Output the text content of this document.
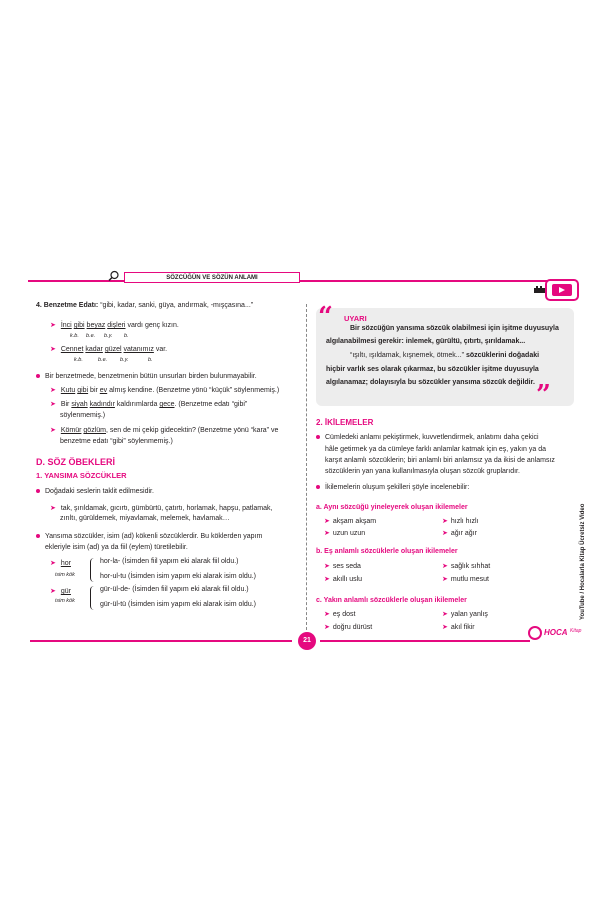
SÖZCÜĞÜN VE SÖZÜN ANLAMI
4. Benzetme Edatı: “gibi, kadar, sanki, güya, andırmak, -mışçasına...”
➤ İnci gibi beyaz dişleri vardı genç kızın.
k.b. b.e. b.y. b.
➤ Cennet kadar güzel vatanımız var.
k.b.	b.e. b.y.	b.
Bir benzetmede, benzetmenin bütün unsurları birden bulunmayabilir.
➤ Kutu gibi bir ev almış kendine. (Benzetme yönü “küçük” söylenmemiş.)
➤ Bir siyah kadındır kaldırımlarda gece. (Benzetme edatı “gibi”
söylenmemiş.)
➤ Kömür gözlüm, sen de mi çekip gidecektin? (Benzetme yönü “kara” ve
benzetme edatı “gibi” söylenmemiş.)
D. SÖZ ÖBEKLERİ
1. YANSIMA SÖZCÜKLER
Doğadaki seslerin taklit edilmesidir.
➤ tak, şırıldamak, gıcırtı, gümbürtü, çatırtı, horlamak, hapşu, patlamak,
zırıltı, gürüldemek, miyavlamak, melemek, havlamak…
Yansıma sözcükler, isim (ad) kökenli sözcüklerdir. Bu köklerden yapım
ekleriyle isim (ad) ya da fiil (eylem) türetilebilir.
➤ hor
isim kök
hor-la- (İsimden fiil yapım eki alarak fiil oldu.)
hor-ul-tu (İsimden isim yapım eki alarak isim oldu.)
➤ gür
isim kök
gür-ül-de- (İsimden fiil yapım eki alarak fiil oldu.)
gür-ül-tü (İsimden isim yapım eki alarak isim oldu.)
“ UYARI
Bir sözcüğün yansıma sözcük olabilmesi için işitme duyusuyla
algılanabilmesi gerekir: inlemek, gürültü, çıtırtı, şırıldamak...
“ışıltı, ışıldamak, kışnemek, ötmek...” sözcüklerini doğadaki
hiçbir varlık ses olarak çıkarmaz, bu sözcükler işitme duyusuyla
algılanamaz; dolayısıyla bu sözcükler yansıma sözcük değildir. ”
2. İKİLEMELER
Cümledeki anlamı pekiştirmek, kuvvetlendirmek, anlatımı daha çekici
hâle getirmek ya da cümleye farklı anlamlar katmak için eş, yakın ya da
karşıt anlamlı sözcüklerin; biri anlamlı biri anlamsız ya da ikisi de anlamsız
sözcüklerin yan yana kullanılmasıyla oluşan sözcük gruplarıdır.
İkilemelerin oluşum şekilleri şöyle incelenebilir:
a. Aynı sözcüğü yineleyerek oluşan ikilemeler
➤ akşam akşam	➤ hızlı hızlı
➤ uzun uzun	➤ ağır ağır
b. Eş anlamlı sözcüklerle oluşan ikilemeler
➤ ses seda	➤ sağlık sıhhat
➤ akıllı uslu	➤ mutlu mesut
c. Yakın anlamlı sözcüklerle oluşan ikilemeler
➤ eş dost	➤ yalan yanlış
➤ doğru dürüst	➤ akıl fikir
YouTube / Hocalarla Kitap Ücretsiz Video
21
HOCA Kitap
